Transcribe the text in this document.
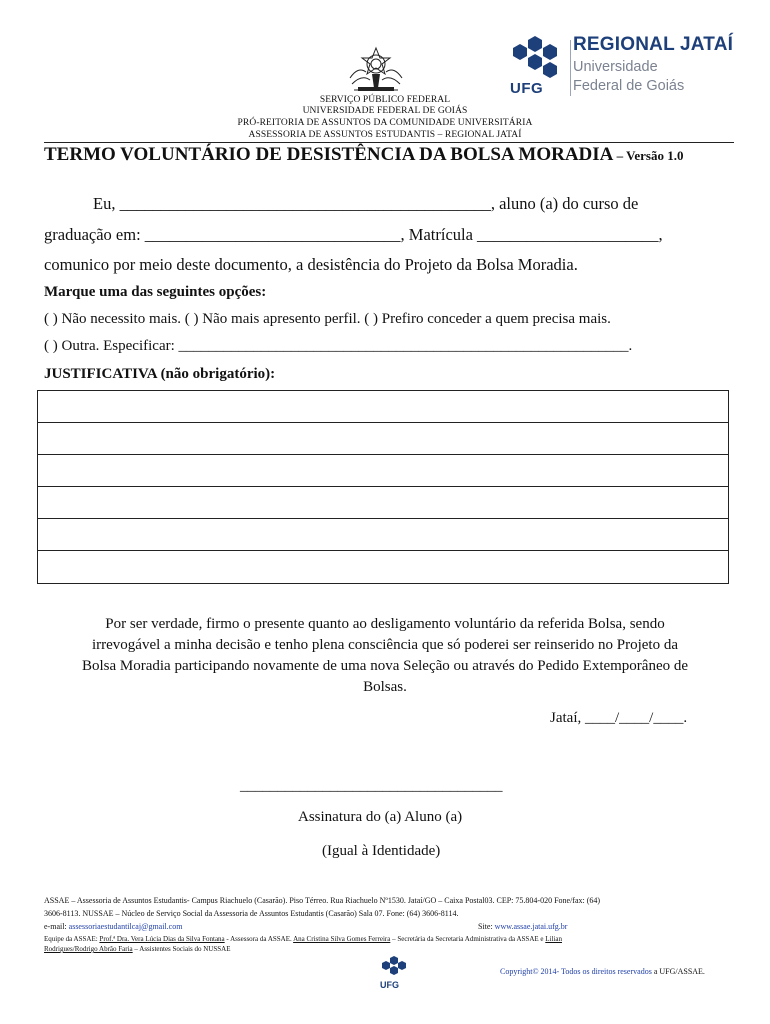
SERVIÇO PÚBLICO FEDERAL
UNIVERSIDADE FEDERAL DE GOIÁS
PRÓ-REITORIA DE ASSUNTOS DA COMUNIDADE UNIVERSITÁRIA
ASSESSORIA DE ASSUNTOS ESTUDANTIS – REGIONAL JATAÍ
UFG
REGIONAL JATAÍ
Universidade
Federal de Goiás
TERMO VOLUNTÁRIO DE DESISTÊNCIA DA BOLSA MORADIA – Versão 1.0
Eu, _____________________________________________, aluno (a) do curso de
graduação em: _______________________________, Matrícula ______________________,
comunico por meio deste documento, a desistência do Projeto da Bolsa Moradia.
Marque uma das seguintes opções:
( ) Não necessito mais. ( ) Não mais apresento perfil. ( ) Prefiro conceder a quem precisa mais.
( ) Outra. Especificar: ____________________________________________________________.
JUSTIFICATIVA (não obrigatório):
Por ser verdade, firmo o presente quanto ao desligamento voluntário da referida Bolsa, sendo
irrevogável a minha decisão e tenho plena consciência que só poderei ser reinserido no Projeto da
Bolsa Moradia participando novamente de uma nova Seleção ou através do Pedido Extemporâneo de
Bolsas.
Jataí, ____/____/____.
___________________________________
Assinatura do (a) Aluno (a)
(Igual à Identidade)
ASSAE – Assessoria de Assuntos Estudantis- Campus Riachuelo (Casarão). Piso Térreo. Rua Riachuelo Nº1530. Jataí/GO – Caixa Postal03. CEP: 75.804-020 Fone/fax: (64)
3606-8113. NUSSAE – Núcleo de Serviço Social da Assessoria de Assuntos Estudantis (Casarão) Sala 07. Fone: (64) 3606-8114.
e-mail: assessoriaestudantilcaj@gmail.com	Site: www.assae.jatai.ufg.br
Equipe da ASSAE: Prof.ª Dra. Vera Lúcia Dias da Silva Fontana - Assessora da ASSAE. Ana Cristina Silva Gomes Ferreira – Secretária da Secretaria Administrativa da ASSAE e Lilian
Rodrigues/Rodrigo Abrão Faria – Assistentes Sociais do NUSSAE
UFG
Copyright© 2014- Todos os direitos reservados a UFG/ASSAE.
